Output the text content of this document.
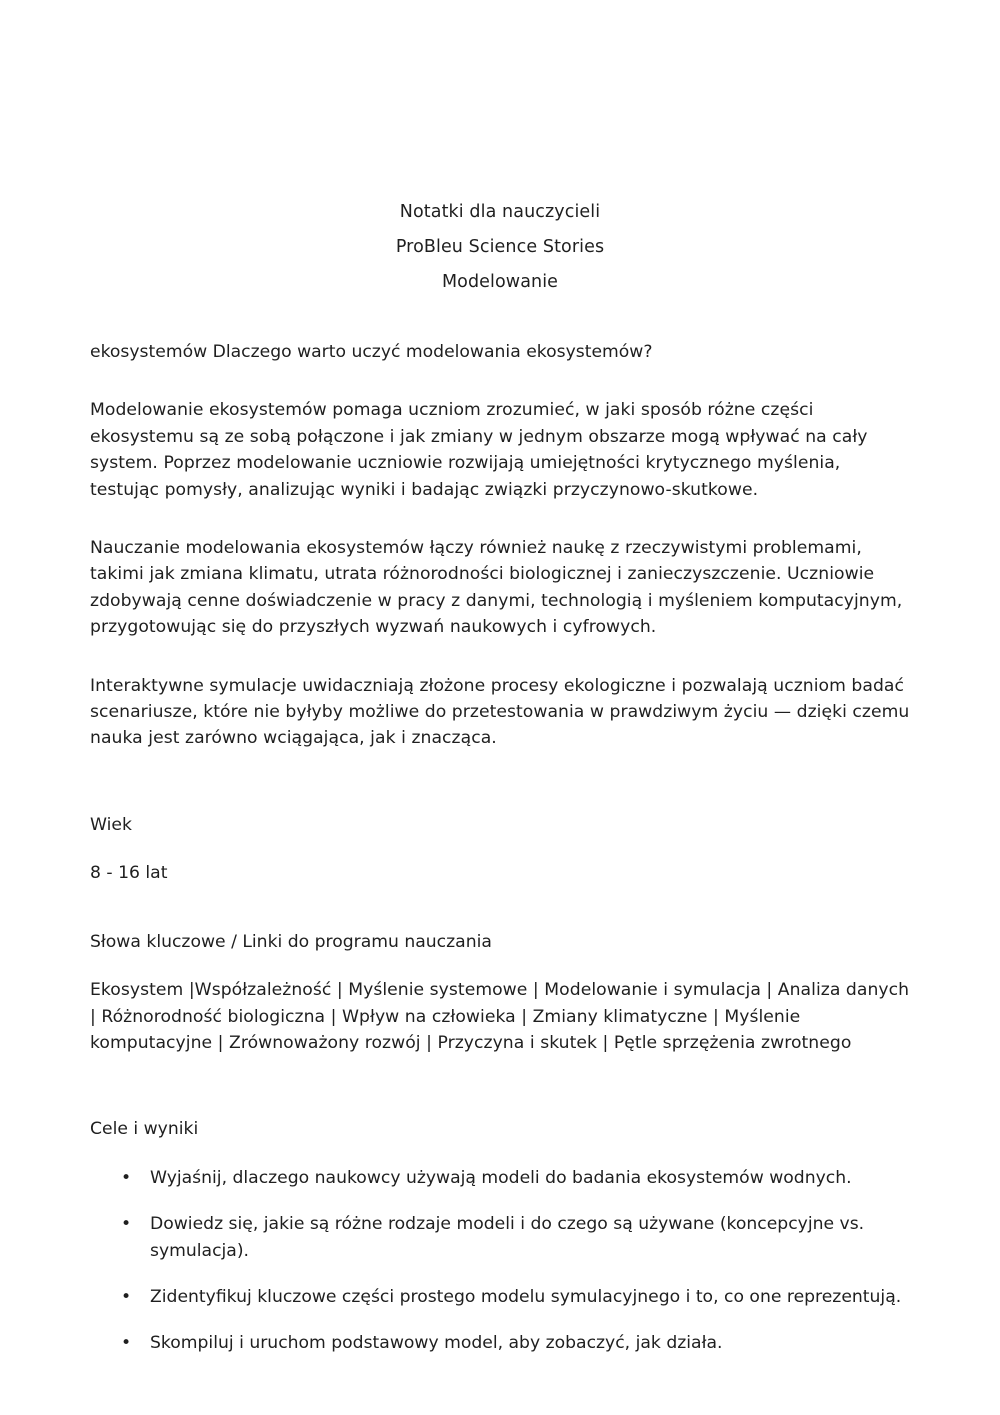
Notatki dla nauczycieli
ProBleu Science Stories
Modelowanie
ekosystemów Dlaczego warto uczyć modelowania ekosystemów?

Modelowanie ekosystemów pomaga uczniom zrozumieć, w jaki sposób różne części ekosystemu są ze sobą połączone i jak zmiany w jednym obszarze mogą wpływać na cały system. Poprzez modelowanie uczniowie rozwijają umiejętności krytycznego myślenia, testując pomysły, analizując wyniki i badając związki przyczynowo-skutkowe.

Nauczanie modelowania ekosystemów łączy również naukę z rzeczywistymi problemami, takimi jak zmiana klimatu, utrata różnorodności biologicznej i zanieczyszczenie. Uczniowie zdobywają cenne doświadczenie w pracy z danymi, technologią i myśleniem komputacyjnym, przygotowując się do przyszłych wyzwań naukowych i cyfrowych.

Interaktywne symulacje uwidaczniają złożone procesy ekologiczne i pozwalają uczniom badać scenariusze, które nie byłyby możliwe do przetestowania w prawdziwym życiu — dzięki czemu nauka jest zarówno wciągająca, jak i znacząca.

Wiek
8 - 16 lat
Słowa kluczowe / Linki do programu nauczania

Ekosystem |Współzależność | Myślenie systemowe | Modelowanie i symulacja | Analiza danych | Różnorodność biologiczna | Wpływ na człowieka | Zmiany klimatyczne | Myślenie komputacyjne | Zrównoważony rozwój | Przyczyna i skutek | Pętle sprzężenia zwrotnego

Cele i wyniki
• Wyjaśnij, dlaczego naukowcy używają modeli do badania ekosystemów wodnych.
• Dowiedz się, jakie są różne rodzaje modeli i do czego są używane (koncepcyjne vs. symulacja).
• Zidentyfikuj kluczowe części prostego modelu symulacyjnego i to, co one reprezentują.
• Skompiluj i uruchom podstawowy model, aby zobaczyć, jak działa.
